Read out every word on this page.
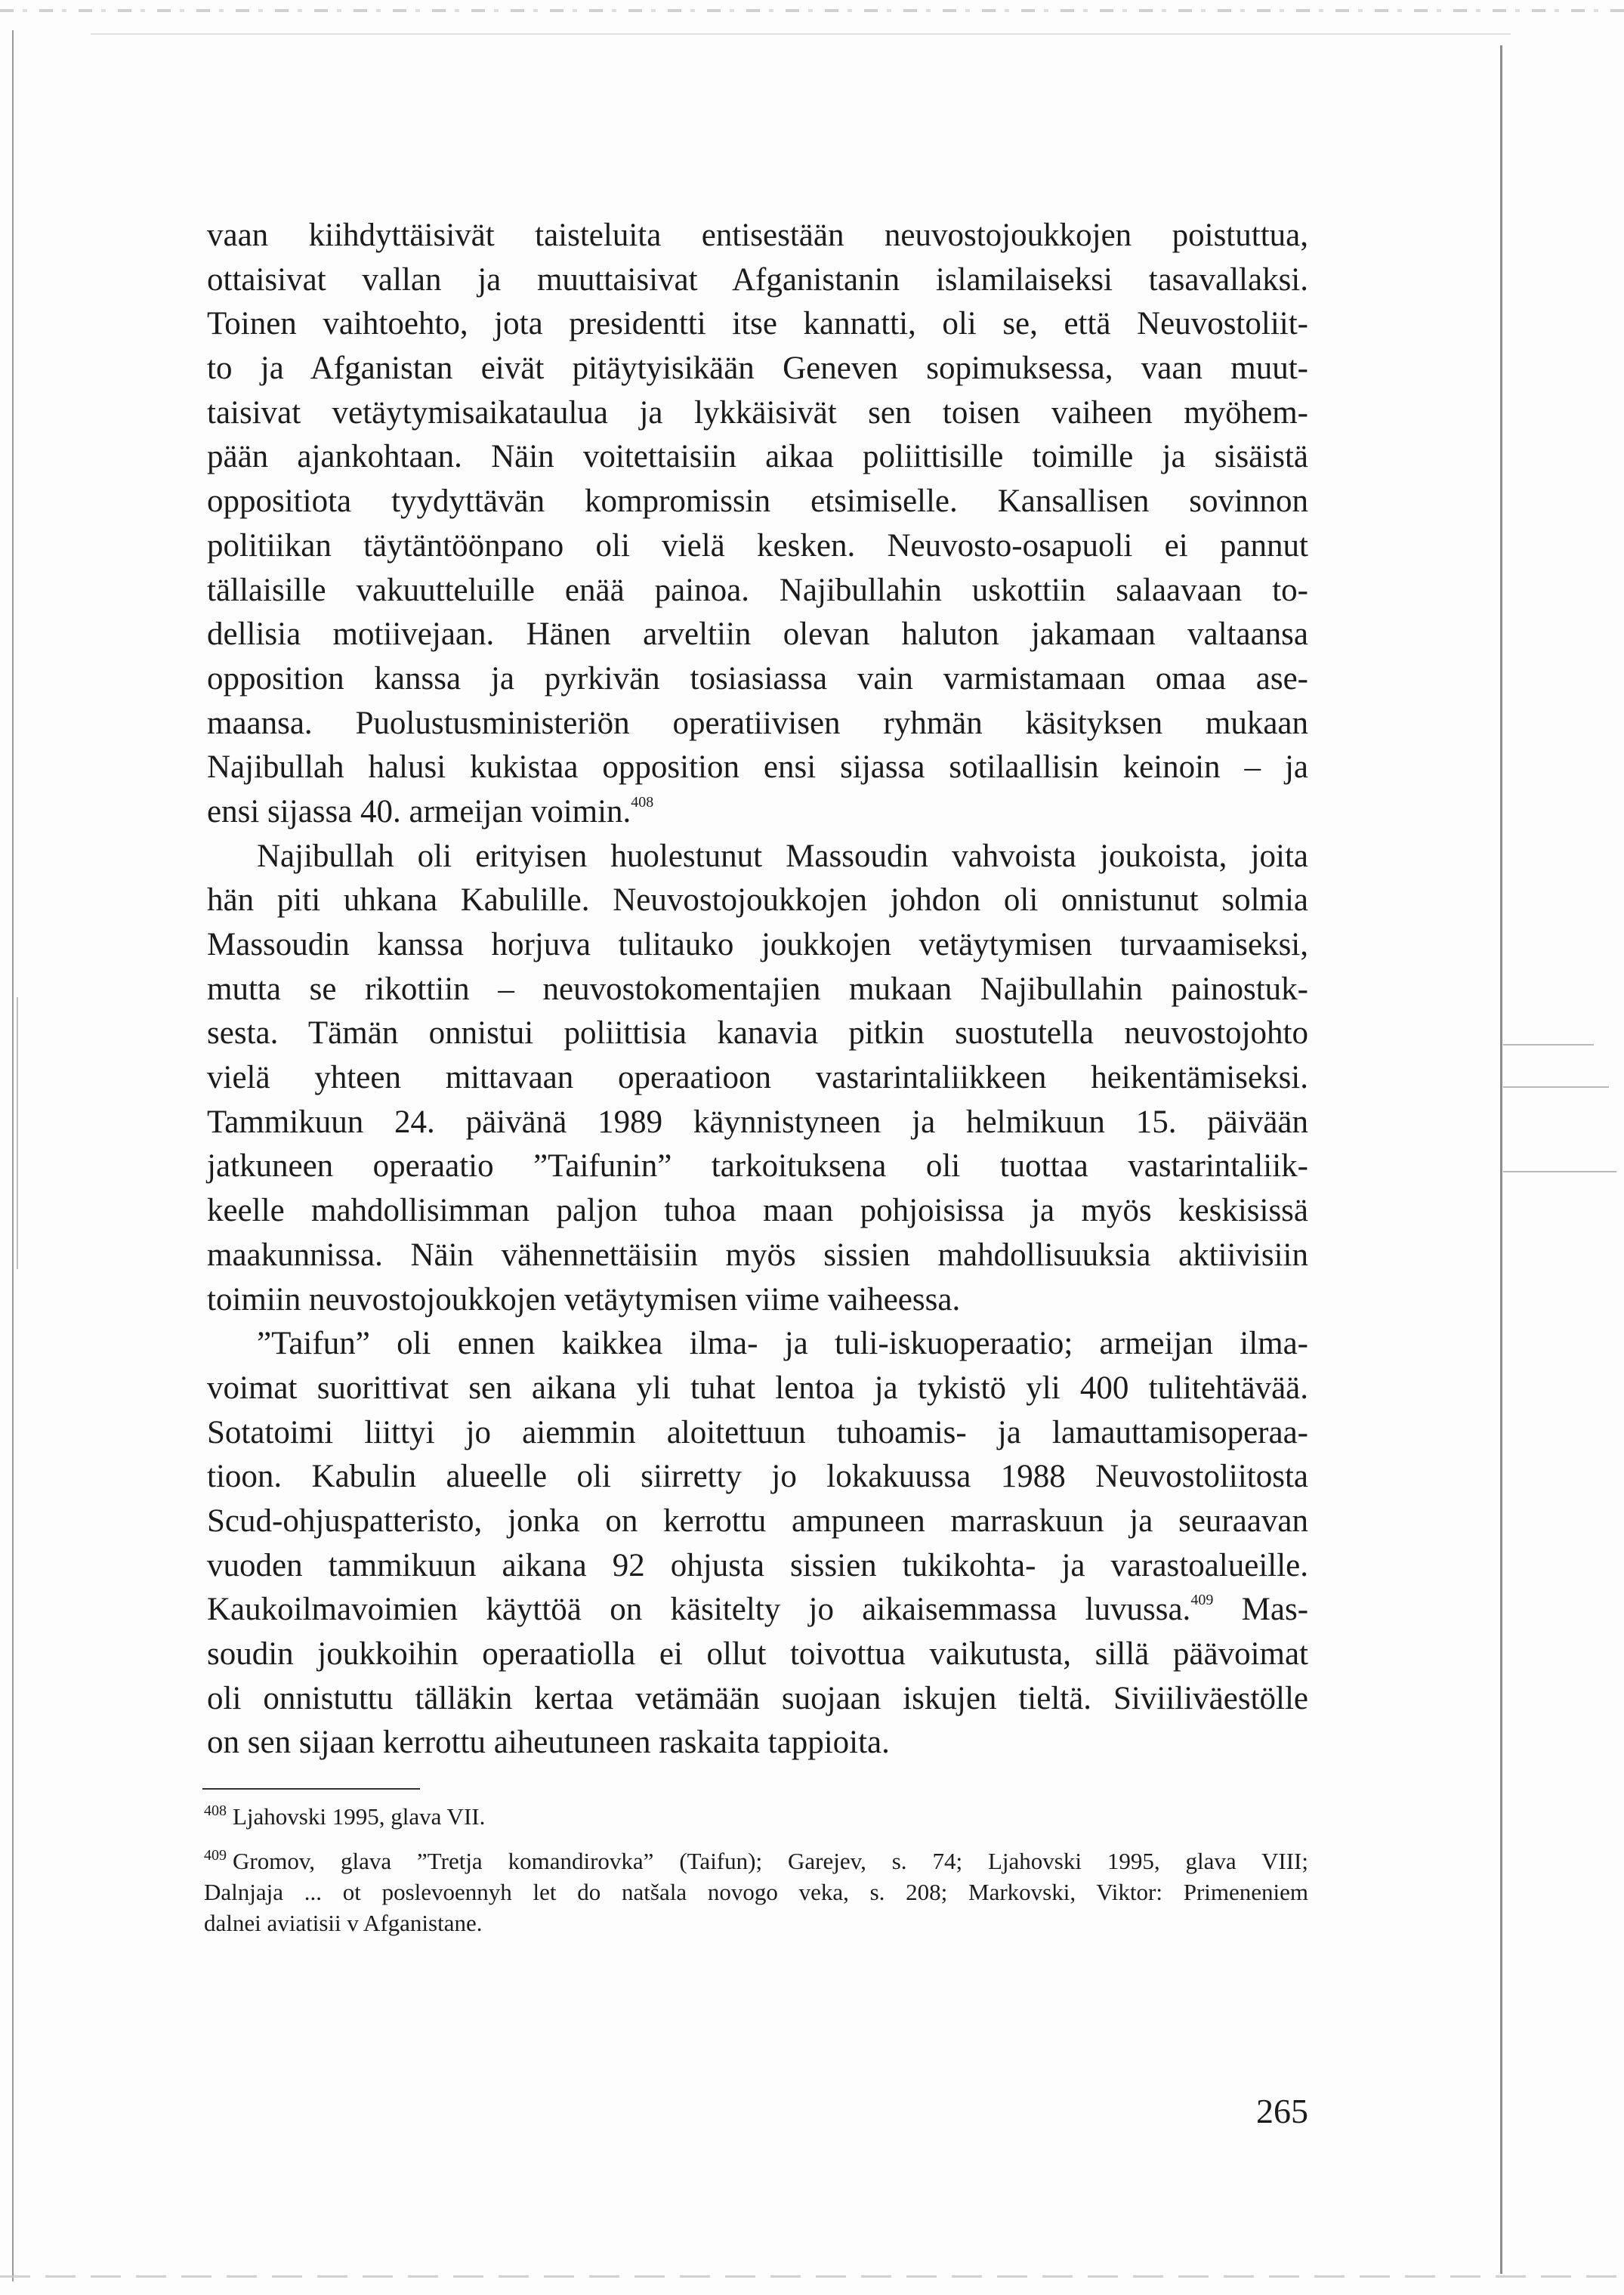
vaan kiihdyttäisivät taisteluita entisestään neuvostojoukkojen poistuttua,
ottaisivat vallan ja muuttaisivat Afganistanin islamilaiseksi tasavallaksi.
Toinen vaihtoehto, jota presidentti itse kannatti, oli se, että Neuvostoliit-
to ja Afganistan eivät pitäytyisikään Geneven sopimuksessa, vaan muut-
taisivat vetäytymisaikataulua ja lykkäisivät sen toisen vaiheen myöhem-
pään ajankohtaan. Näin voitettaisiin aikaa poliittisille toimille ja sisäistä
oppositiota tyydyttävän kompromissin etsimiselle. Kansallisen sovinnon
politiikan täytäntöönpano oli vielä kesken. Neuvosto-osapuoli ei pannut
tällaisille vakuutteluille enää painoa. Najibullahin uskottiin salaavaan to-
dellisia motiivejaan. Hänen arveltiin olevan haluton jakamaan valtaansa
opposition kanssa ja pyrkivän tosiasiassa vain varmistamaan omaa ase-
maansa. Puolustusministeriön operatiivisen ryhmän käsityksen mukaan
Najibullah halusi kukistaa opposition ensi sijassa sotilaallisin keinoin – ja
ensi sijassa 40. armeijan voimin.$^{408}$
Najibullah oli erityisen huolestunut Massoudin vahvoista joukoista, joita
hän piti uhkana Kabulille. Neuvostojoukkojen johdon oli onnistunut solmia
Massoudin kanssa horjuva tulitauko joukkojen vetäytymisen turvaamiseksi,
mutta se rikottiin – neuvostokomentajien mukaan Najibullahin painostuk-
sesta. Tämän onnistui poliittisia kanavia pitkin suostutella neuvostojohto
vielä yhteen mittavaan operaatioon vastarintaliikkeen heikentämiseksi.
Tammikuun 24. päivänä 1989 käynnistyneen ja helmikuun 15. päivään
jatkuneen operaatio ”Taifunin” tarkoituksena oli tuottaa vastarintaliik-
keelle mahdollisimman paljon tuhoa maan pohjoisissa ja myös keskisissä
maakunnissa. Näin vähennettäisiin myös sissien mahdollisuuksia aktiivisiin
toimiin neuvostojoukkojen vetäytymisen viime vaiheessa.
”Taifun” oli ennen kaikkea ilma- ja tuli-iskuoperaatio; armeijan ilma-
voimat suorittivat sen aikana yli tuhat lentoa ja tykistö yli 400 tulitehtävää.
Sotatoimi liittyi jo aiemmin aloitettuun tuhoamis- ja lamauttamisoperaa-
tioon. Kabulin alueelle oli siirretty jo lokakuussa 1988 Neuvostoliitosta
Scud-ohjuspatteristo, jonka on kerrottu ampuneen marraskuun ja seuraavan
vuoden tammikuun aikana 92 ohjusta sissien tukikohta- ja varastoalueille.
Kaukoilmavoimien käyttöä on käsitelty jo aikaisemmassa luvussa.$^{409}$ Mas-
soudin joukkoihin operaatiolla ei ollut toivottua vaikutusta, sillä päävoimat
oli onnistuttu tälläkin kertaa vetämään suojaan iskujen tieltä. Siviiliväestölle
on sen sijaan kerrottu aiheutuneen raskaita tappioita.
$^{408}$ Ljahovski 1995, glava VII.
$^{409}$ Gromov, glava ”Tretja komandirovka” (Taifun); Garejev, s. 74; Ljahovski 1995, glava VIII;
Dalnjaja ... ot poslevoennyh let do natšala novogo veka, s. 208; Markovski, Viktor: Primeneniem
dalnei aviatisii v Afganistane.
265
